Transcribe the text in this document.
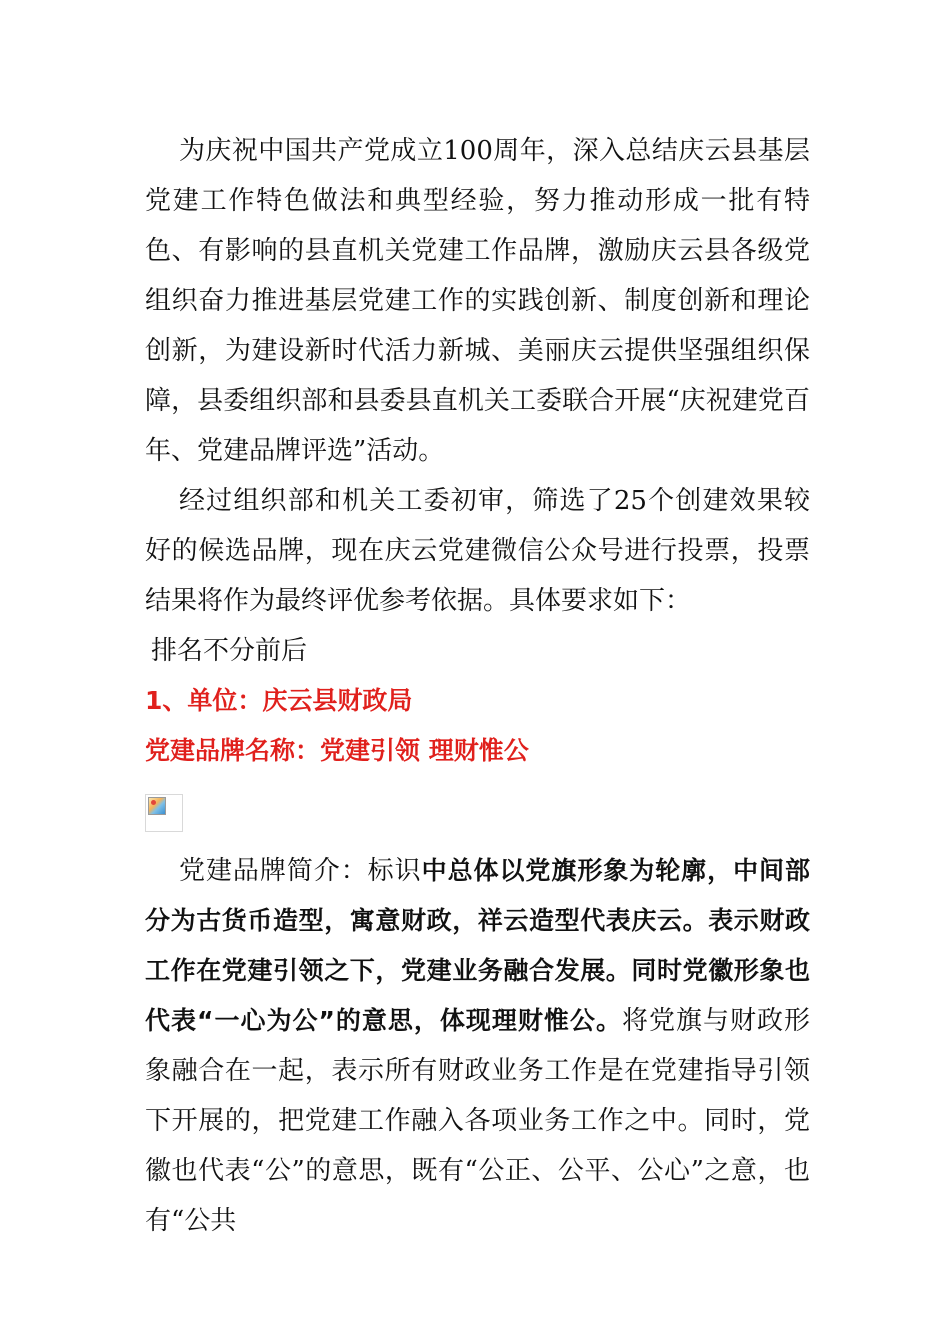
为庆祝中国共产党成立100周年，深入总结庆云县基层党建工作特色做法和典型经验，努力推动形成一批有特色、有影响的县直机关党建工作品牌，激励庆云县各级党组织奋力推进基层党建工作的实践创新、制度创新和理论创新，为建设新时代活力新城、美丽庆云提供坚强组织保障，县委组织部和县委县直机关工委联合开展“庆祝建党百年、党建品牌评选”活动。

经过组织部和机关工委初审，筛选了25个创建效果较好的候选品牌，现在庆云党建微信公众号进行投票，投票结果将作为最终评优参考依据。具体要求如下：

排名不分前后

1、单位：庆云县财政局

党建品牌名称：党建引领 理财惟公

党建品牌简介：标识中总体以党旗形象为轮廓，中间部分为古货币造型，寓意财政，祥云造型代表庆云。表示财政工作在党建引领之下，党建业务融合发展。同时党徽形象也代表“一心为公”的意思，体现理财惟公。将党旗与财政形象融合在一起，表示所有财政业务工作是在党建指导引领下开展的，把党建工作融入各项业务工作之中。同时，党徽也代表“公”的意思，既有“公正、公平、公心”之意，也有“公共
